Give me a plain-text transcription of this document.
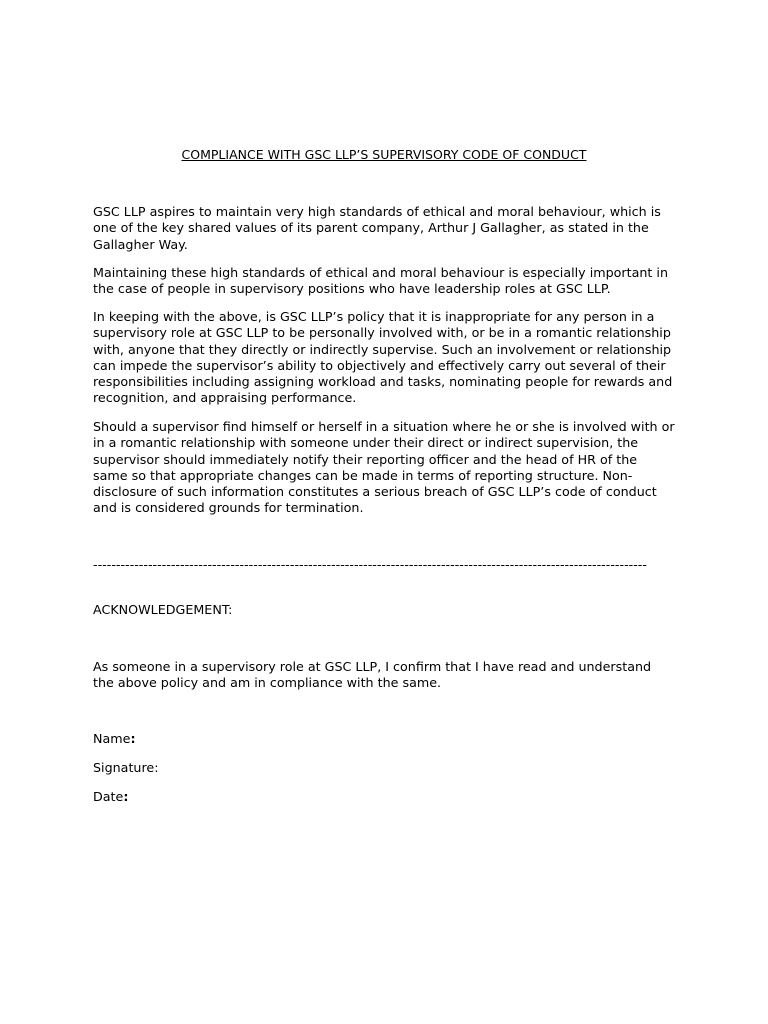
COMPLIANCE WITH GSC LLP’S SUPERVISORY CODE OF CONDUCT

GSC LLP aspires to maintain very high standards of ethical and moral behaviour, which is one of the key shared values of its parent company, Arthur J Gallagher, as stated in the Gallagher Way.

Maintaining these high standards of ethical and moral behaviour is especially important in the case of people in supervisory positions who have leadership roles at GSC LLP.

In keeping with the above, is GSC LLP’s policy that it is inappropriate for any person in a supervisory role at GSC LLP to be personally involved with, or be in a romantic relationship with, anyone that they directly or indirectly supervise. Such an involvement or relationship can impede the supervisor’s ability to objectively and effectively carry out several of their responsibilities including assigning workload and tasks, nominating people for rewards and recognition, and appraising performance.

Should a supervisor find himself or herself in a situation where he or she is involved with or in a romantic relationship with someone under their direct or indirect supervision, the supervisor should immediately notify their reporting officer and the head of HR of the same so that appropriate changes can be made in terms of reporting structure. Non-disclosure of such information constitutes a serious breach of GSC LLP’s code of conduct and is considered grounds for termination.

-------------------------------------------------------------------------------------------------------------------------
ACKNOWLEDGEMENT:

As someone in a supervisory role at GSC LLP, I confirm that I have read and understand the above policy and am in compliance with the same.

Name:
Signature:
Date:
